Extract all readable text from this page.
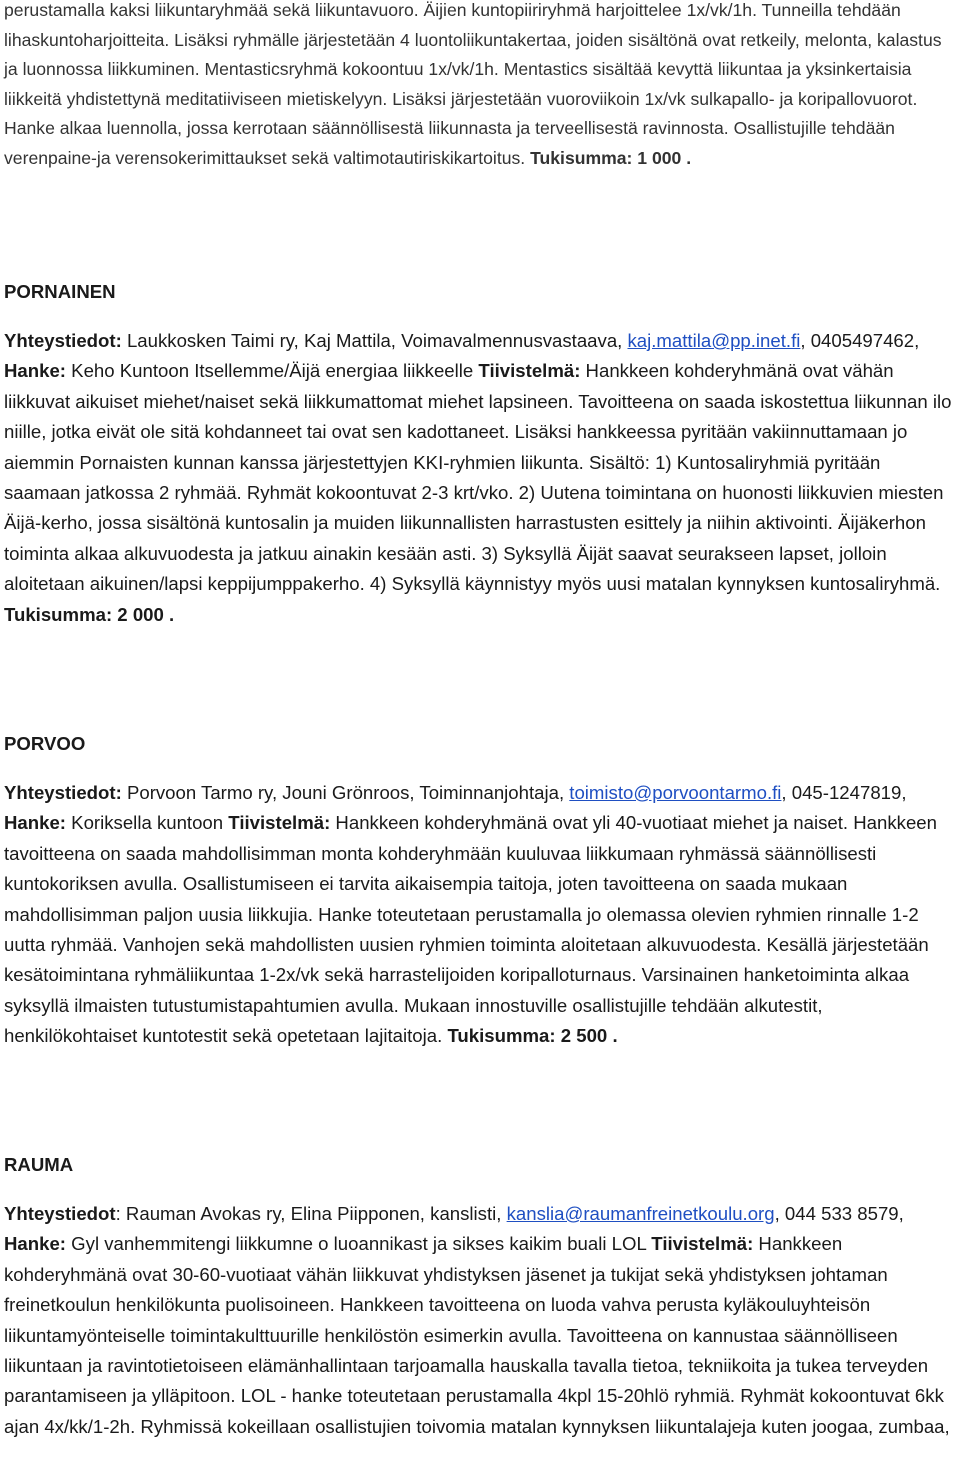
perustamalla kaksi liikuntaryhmää sekä liikuntavuoro. Äijien kuntopiiriryhmä harjoittelee 1x/vk/1h. Tunneilla tehdään lihaskuntoharjoitteita. Lisäksi ryhmälle järjestetään 4 luontoliikuntakertaa, joiden sisältönä ovat retkeily, melonta, kalastus ja luonnossa liikkuminen. Mentasticsryhmä kokoontuu 1x/vk/1h. Mentastics sisältää kevyttä liikuntaa ja yksinkertaisia liikkeitä yhdistettynä meditatiiviseen mietiskelyyn. Lisäksi järjestetään vuoroviikoin 1x/vk sulkapallo- ja koripallovuorot. Hanke alkaa luennolla, jossa kerrotaan säännöllisestä liikunnasta ja terveellisestä ravinnosta. Osallistujille tehdään verenpaine-ja verensokerimittaukset sekä valtimotautiriskikartoitus. Tukisumma: 1 000 .

PORNAINEN

Yhteystiedot: Laukkosken Taimi ry, Kaj Mattila, Voimavalmennusvastaava, kaj.mattila@pp.inet.fi, 0405497462, Hanke: Keho Kuntoon Itsellemme/Äijä energiaa liikkeelle Tiivistelmä: Hankkeen kohderyhmänä ovat vähän liikkuvat aikuiset miehet/naiset sekä liikkumattomat miehet lapsineen. Tavoitteena on saada iskostettua liikunnan ilo niille, jotka eivät ole sitä kohdanneet tai ovat sen kadottaneet. Lisäksi hankkeessa pyritään vakiinnuttamaan jo aiemmin Pornaisten kunnan kanssa järjestettyjen KKI-ryhmien liikunta. Sisältö: 1) Kuntosaliryhmiä pyritään saamaan jatkossa 2 ryhmää. Ryhmät kokoontuvat 2-3 krt/vko. 2) Uutena toimintana on huonosti liikkuvien miesten Äijä-kerho, jossa sisältönä kuntosalin ja muiden liikunnallisten harrastusten esittely ja niihin aktivointi. Äijäkerhon toiminta alkaa alkuvuodesta ja jatkuu ainakin kesään asti. 3) Syksyllä Äijät saavat seurakseen lapset, jolloin aloitetaan aikuinen/lapsi keppijumppakerho. 4) Syksyllä käynnistyy myös uusi matalan kynnyksen kuntosaliryhmä. Tukisumma: 2 000 .

PORVOO

Yhteystiedot: Porvoon Tarmo ry, Jouni Grönroos, Toiminnanjohtaja, toimisto@porvoontarmo.fi, 045-1247819, Hanke: Koriksella kuntoon Tiivistelmä: Hankkeen kohderyhmänä ovat yli 40-vuotiaat miehet ja naiset. Hankkeen tavoitteena on saada mahdollisimman monta kohderyhmään kuuluvaa liikkumaan ryhmässä säännöllisesti kuntokoriksen avulla. Osallistumiseen ei tarvita aikaisempia taitoja, joten tavoitteena on saada mukaan mahdollisimman paljon uusia liikkujia. Hanke toteutetaan perustamalla jo olemassa olevien ryhmien rinnalle 1-2 uutta ryhmää. Vanhojen sekä mahdollisten uusien ryhmien toiminta aloitetaan alkuvuodesta. Kesällä järjestetään kesätoimintana ryhmäliikuntaa 1-2x/vk sekä harrastelijoiden koripalloturnaus. Varsinainen hanketoiminta alkaa syksyllä ilmaisten tutustumistapahtumien avulla. Mukaan innostuville osallistujille tehdään alkutestit, henkilökohtaiset kuntotestit sekä opetetaan lajitaitoja. Tukisumma: 2 500 .

RAUMA

Yhteystiedot: Rauman Avokas ry, Elina Piipponen, kanslisti, kanslia@raumanfreinetkoulu.org, 044 533 8579, Hanke: Gyl vanhemmitengi liikkumne o luoannikast ja sikses kaikim buali LOL Tiivistelmä: Hankkeen kohderyhmänä ovat 30-60-vuotiaat vähän liikkuvat yhdistyksen jäsenet ja tukijat sekä yhdistyksen johtaman freinetkoulun henkilökunta puolisoineen. Hankkeen tavoitteena on luoda vahva perusta kyläkouluyhteisön liikuntamyönteiselle toimintakulttuurille henkilöstön esimerkin avulla. Tavoitteena on kannustaa säännölliseen liikuntaan ja ravintotietoiseen elämänhallintaan tarjoamalla hauskalla tavalla tietoa, tekniikoita ja tukea terveyden parantamiseen ja ylläpitoon. LOL - hanke toteutetaan perustamalla 4kpl 15-20hlö ryhmiä. Ryhmät kokoontuvat 6kk ajan 4x/kk/1-2h. Ryhmissä kokeillaan osallistujien toivomia matalan kynnyksen liikuntalajeja kuten joogaa, zumbaa,
